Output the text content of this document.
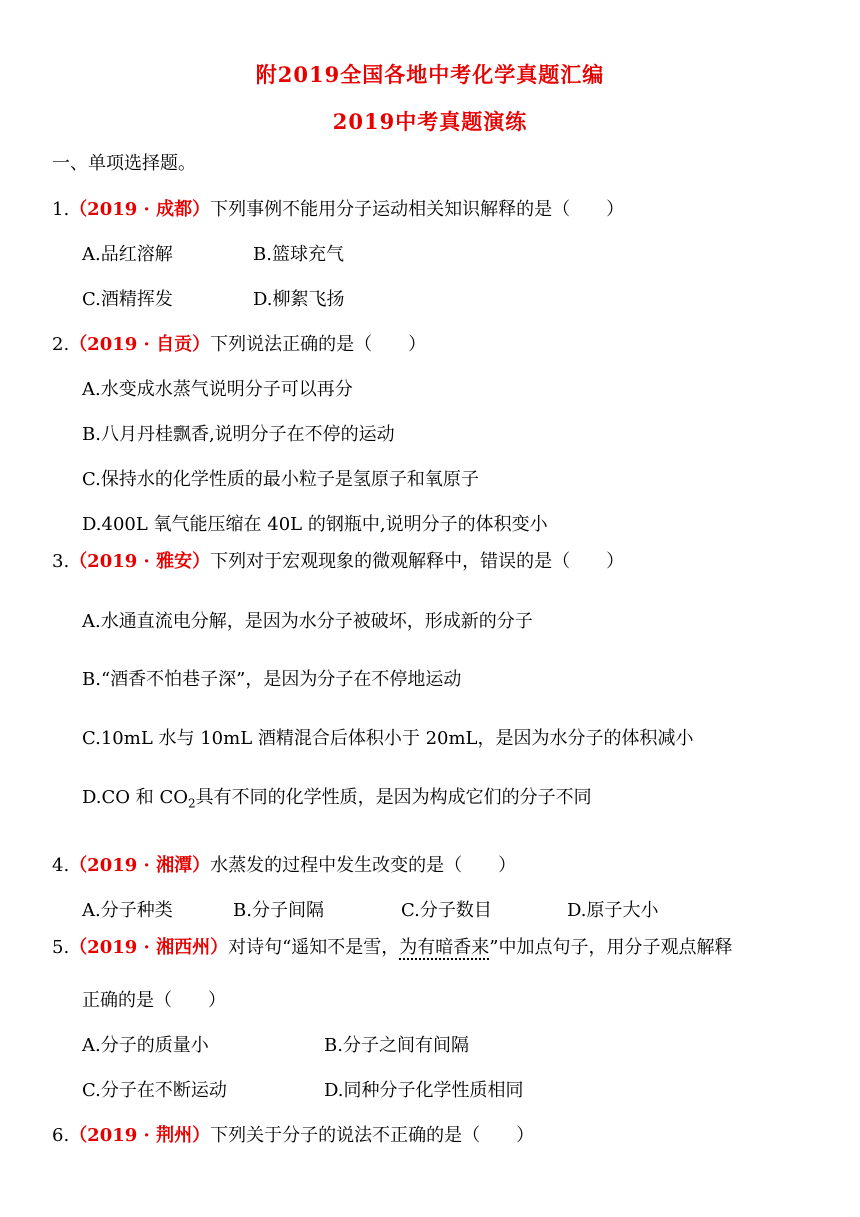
附2019全国各地中考化学真题汇编
2019中考真题演练
一、单项选择题。
1.（2019 · 成都）下列事例不能用分子运动相关知识解释的是（　　）
A.品红溶解	B.篮球充气
C.酒精挥发	D.柳絮飞扬
2.（2019 · 自贡）下列说法正确的是（　　）
A.水变成水蒸气说明分子可以再分
B.八月丹桂飘香,说明分子在不停的运动
C.保持水的化学性质的最小粒子是氢原子和氧原子
D.400L 氧气能压缩在 40L 的钢瓶中,说明分子的体积变小
3.（2019 · 雅安）下列对于宏观现象的微观解释中，错误的是（　　）
A.水通直流电分解，是因为水分子被破坏，形成新的分子
B.“酒香不怕巷子深”，是因为分子在不停地运动
C.10mL 水与 10mL 酒精混合后体积小于 20mL，是因为水分子的体积减小
D.CO 和 $CO_2$具有不同的化学性质，是因为构成它们的分子不同
4.（2019 · 湘潭）水蒸发的过程中发生改变的是（　　）
A.分子种类	B.分子间隔	C.分子数目	D.原子大小
5.（2019 · 湘西州）对诗句“遥知不是雪，为有暗香来”中加点句子，用分子观点解释
正确的是（　　）
A.分子的质量小	B.分子之间有间隔
C.分子在不断运动	D.同种分子化学性质相同
6.（2019 · 荆州）下列关于分子的说法不正确的是（　　）
